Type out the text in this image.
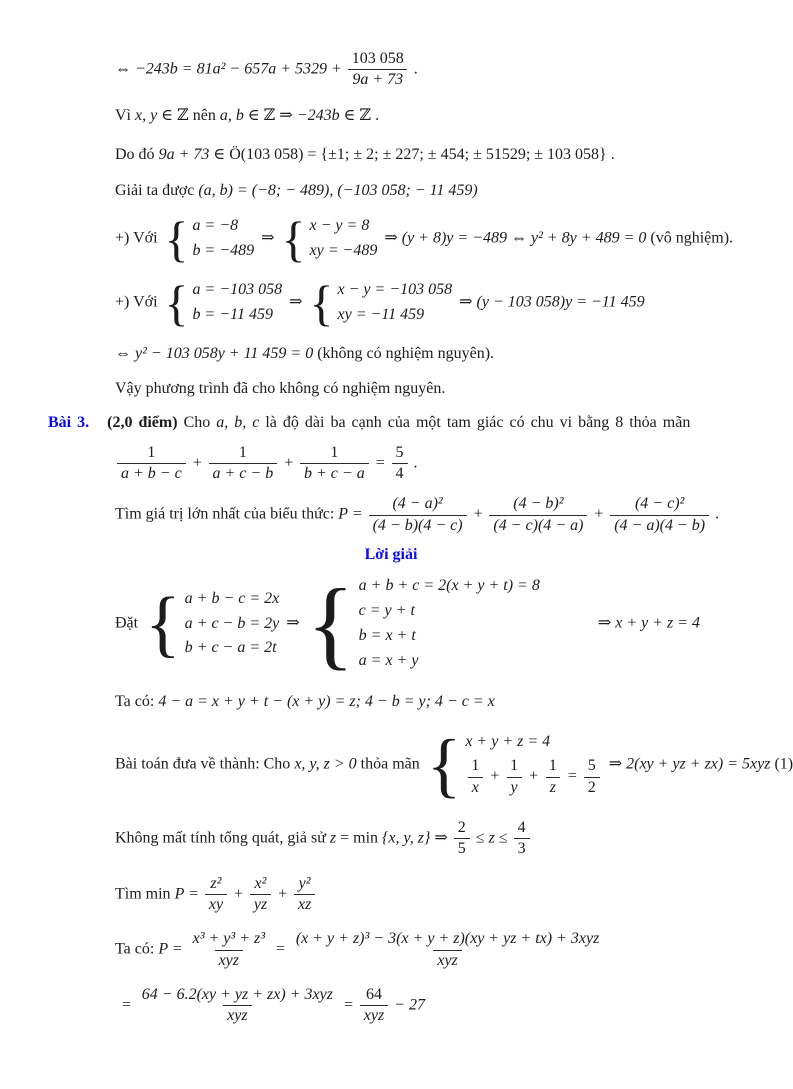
⇔ $-243b = 81a^2 - 657a + 5329 + \frac{103 058}{9a + 73}$ .
Vì x, y ∈ ℤ nên a, b ∈ ℤ ⇒ −243b ∈ ℤ .
Do đó 9a + 73 ∈ Ö(103 058) = {±1; ± 2; ± 227; ± 454; ± 51529; ± 103 058} .
Giải ta được (a, b) = (−8; − 489), (−103 058; − 11 459)
+) Với { a = −8
b = −489
⇒ { x − y = 8
xy = −489
⇒ (y + 8)y = −489 ⇔ y² + 8y + 489 = 0 (vô nghiệm).
+) Với { a = −103 058
b = −11 459
⇒ { x − y = −103 058
xy = −11 459
⇒ (y − 103 058)y = −11 459
⇔ y² − 103 058y + 11 459 = 0 (không có nghiệm nguyên).
Vậy phương trình đã cho không có nghiệm nguyên.
Bài 3. (2,0 điểm) Cho a, b, c là độ dài ba cạnh của một tam giác có chu vi bằng 8 thỏa mãn
$\frac{1}{a + b - c} + \frac{1}{a + c - b} + \frac{1}{b + c - a} = \frac{5}{4}$ .
Tìm giá trị lớn nhất của biểu thức: $P = \frac{\text{(4 − a)²}}{(4 - b)(4 - c)} + \frac{\text{(4 − b)²}}{(4 - c)(4 - a)} + \frac{\text{(4 − c)²}}{(4 - a)(4 - b)}$ .
Lời giải
Đặt { a + b − c = 2x
a + c − b = 2y
b + c − a = 2t
⇒ { a + b + c = 2(x + y + t) = 8
c = y + t
b = x + t
a = x + y
⇒ x + y + z = 4
Ta có: 4 − a = x + y + t − (x + y) = z; 4 − b = y; 4 − c = x
Bài toán đưa về thành: Cho x, y, z > 0 thỏa mãn { x + y + z = 4
$\frac{1}{x} + \frac{1}{y} + \frac{1}{z} = \frac{5}{2}$ ⇒ 2(xy + yz + zx) = 5xyz (1)
Không mất tính tổng quát, giả sử z = min {x, y, z} ⇒ $\frac{2}{5} \le z \le \frac{4}{3}$
Tìm $\min P = \frac{\text{z²}}{xy} + \frac{\text{x²}}{yz} + \frac{\text{y²}}{xz}$
Ta có: $P = \frac{\text{x³ + y³ + z³}}{\text{xyz}} = \frac{\text{(x + y + z)³ − 3(x + y + z)(xy + yz + tx) + 3xyz}}{\text{xyz}}$
= $\frac{\text{64 − 6.2(xy + yz + zx) + 3xyz}}{\text{xyz}} = \frac{64}{\text{xyz}} - 27$
